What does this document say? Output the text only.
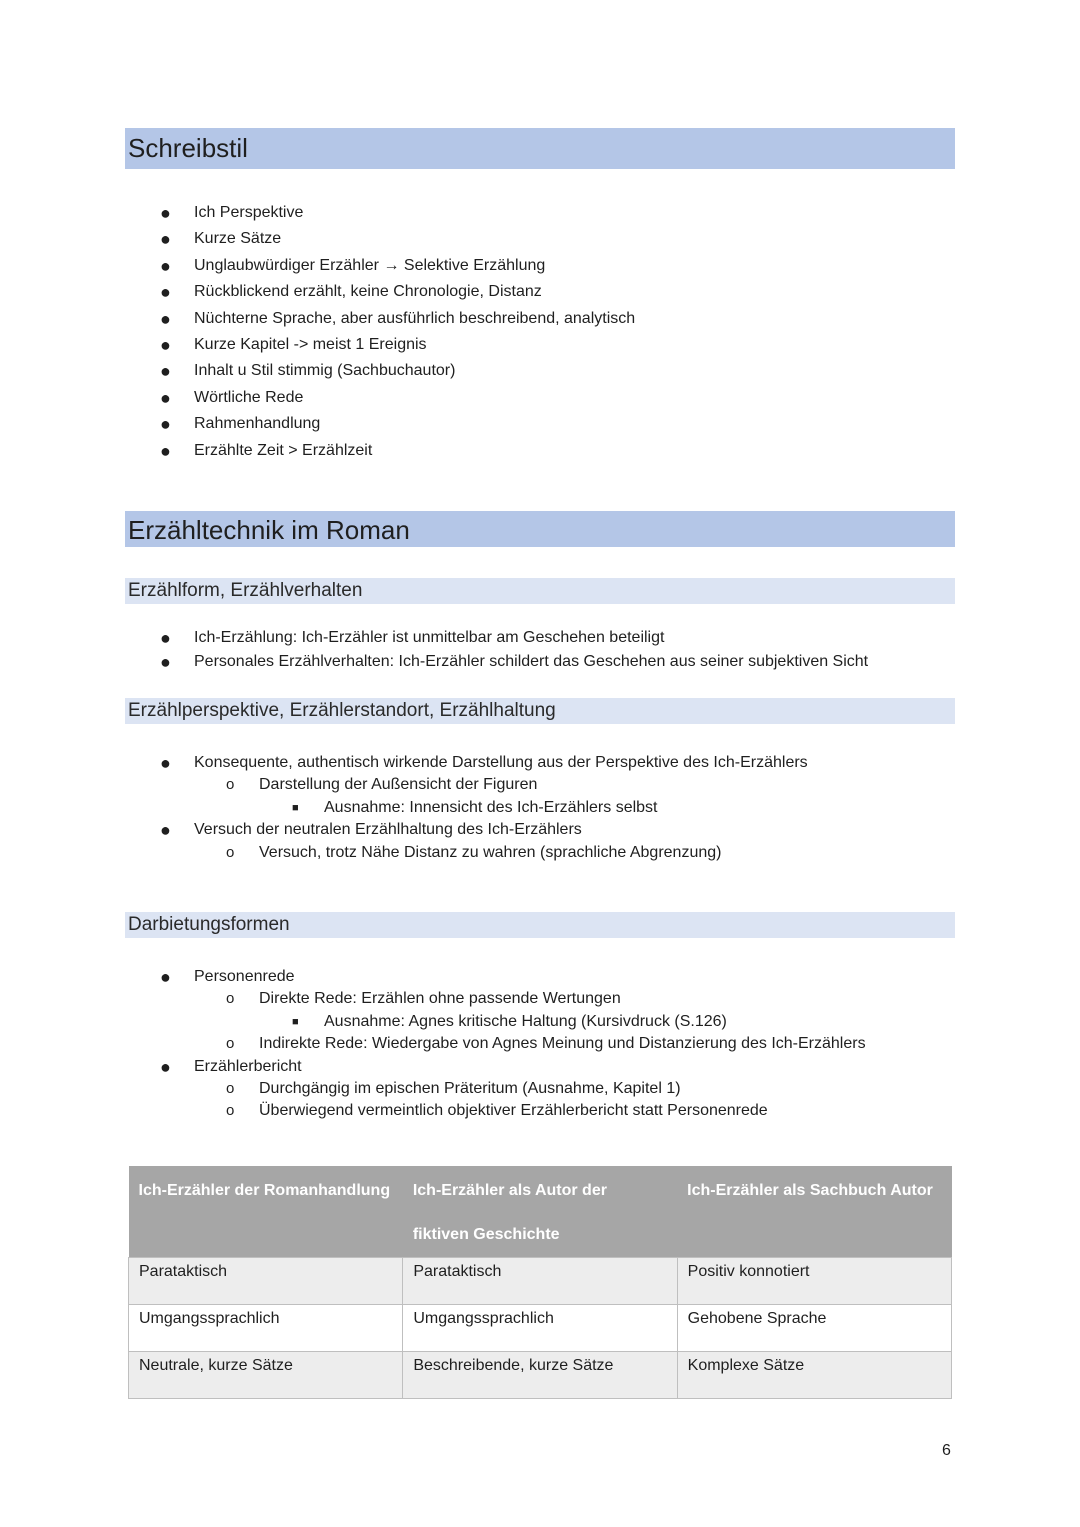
Schreibstil
● Ich Perspektive
● Kurze Sätze
● Unglaubwürdiger Erzähler → Selektive Erzählung
● Rückblickend erzählt, keine Chronologie, Distanz
● Nüchterne Sprache, aber ausführlich beschreibend, analytisch
● Kurze Kapitel -> meist 1 Ereignis
● Inhalt u Stil stimmig (Sachbuchautor)
● Wörtliche Rede
● Rahmenhandlung
● Erzählte Zeit > Erzählzeit
Erzähltechnik im Roman
Erzählform, Erzählverhalten
● Ich-Erzählung: Ich-Erzähler ist unmittelbar am Geschehen beteiligt
● Personales Erzählverhalten: Ich-Erzähler schildert das Geschehen aus seiner subjektiven Sicht
Erzählperspektive, Erzählerstandort, Erzählhaltung
● Konsequente, authentisch wirkende Darstellung aus der Perspektive des Ich-Erzählers
o Darstellung der Außensicht der Figuren
■ Ausnahme: Innensicht des Ich-Erzählers selbst
● Versuch der neutralen Erzählhaltung des Ich-Erzählers
o Versuch, trotz Nähe Distanz zu wahren (sprachliche Abgrenzung)
Darbietungsformen
● Personenrede
o Direkte Rede: Erzählen ohne passende Wertungen
■ Ausnahme: Agnes kritische Haltung (Kursivdruck (S.126)
o Indirekte Rede: Wiedergabe von Agnes Meinung und Distanzierung des Ich-Erzählers
● Erzählerbericht
o Durchgängig im epischen Präteritum (Ausnahme, Kapitel 1)
o Überwiegend vermeintlich objektiver Erzählerbericht statt Personenrede
Ich-Erzähler der Romanhandlung	Ich-Erzähler als Autor der fiktiven Geschichte	Ich-Erzähler als Sachbuch Autor
Parataktisch	Parataktisch	Positiv konnotiert
Umgangssprachlich	Umgangssprachlich	Gehobene Sprache
Neutrale, kurze Sätze	Beschreibende, kurze Sätze	Komplexe Sätze
6
